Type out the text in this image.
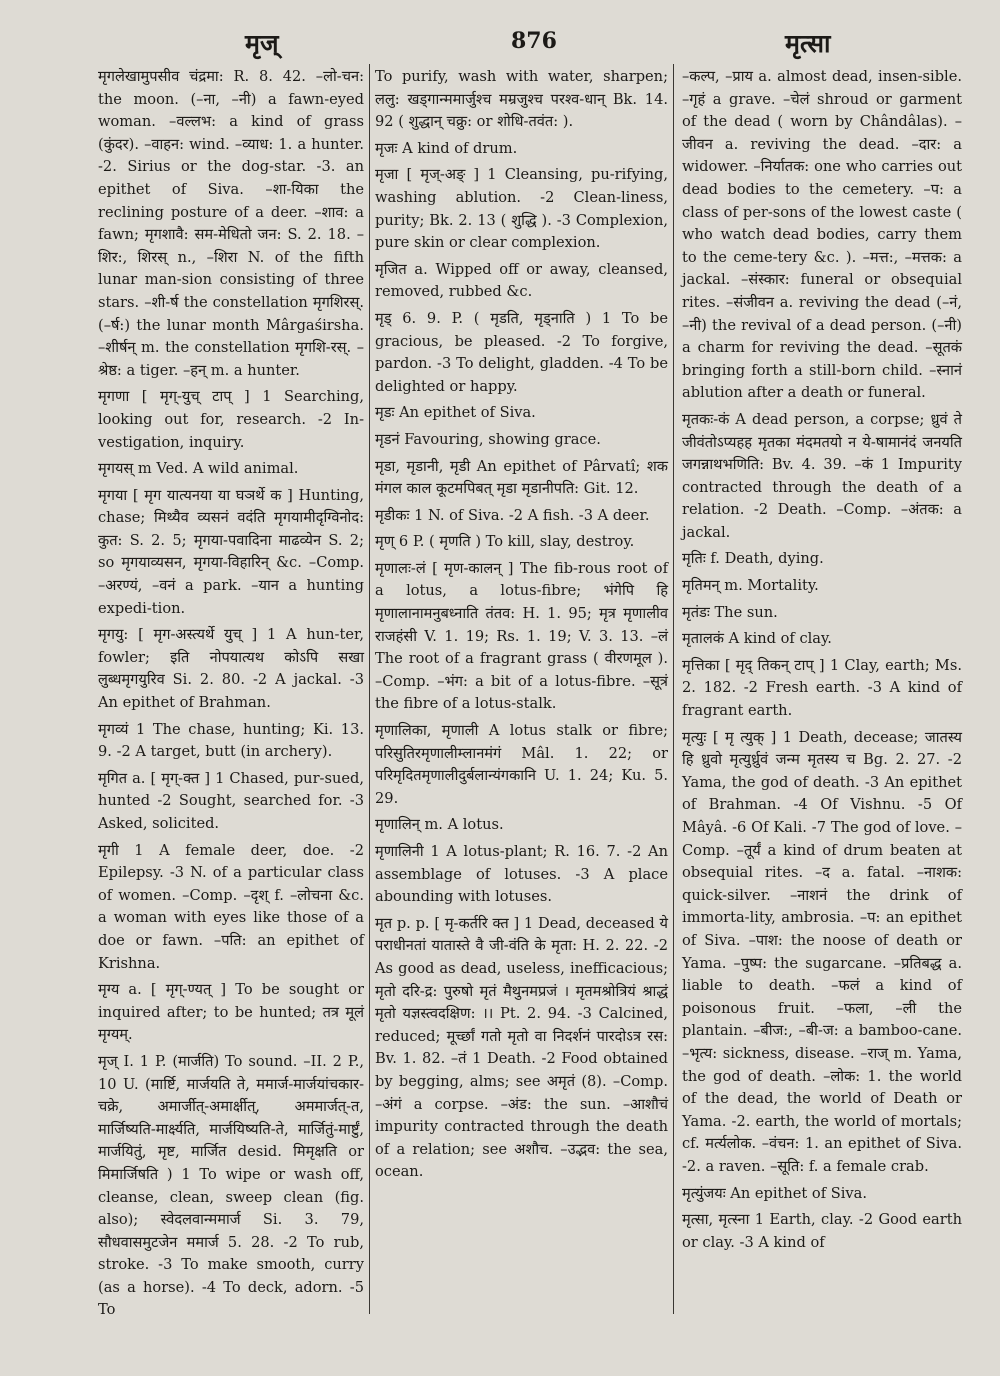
मृज्	876	मृत्सा

मृगलेखामुपसीव चंद्रमा: R. 8. 42. –लो-चन: the moon. (–ना, –नी) a fawn-eyed woman. –वल्लभ: a kind of grass (कुंदर). –वाहन: wind. –व्याध: 1. a hunter. -2. Sirius or the dog-star. -3. an epithet of Siva. –शा-यिका the reclining posture of a deer. –शाव: a fawn; मृगशावै: सम-मेधितो जन: S. 2. 18. –शिर:, शिरस् n., –शिरा N. of the fifth lunar man-sion consisting of three stars. –शी-र्ष the constellation मृगशिरस्. (–र्ष:) the lunar month Mârgaśirsha. –शीर्षन् m. the constellation मृगशि-रस्. –श्रेष्ठ: a tiger. –हन् m. a hunter.

मृगणा [ मृग्-युच् टाप् ] 1 Searching, looking out for, research. -2 In-vestigation, inquiry.

मृगयस् m Ved. A wild animal.

मृगया [ मृग यात्यनया या घञर्थे क ] Hunting, chase; मिथ्यैव व्यसनं वदंति मृगयामीदृग्विनोद: कुत: S. 2. 5; मृगया-पवादिना माढव्येन S. 2; so मृगयाव्यसन, मृगया-विहारिन् &c. –Comp. –अरण्यं, –वनं a park. –यान a hunting expedi-tion.

मृगयु: [ मृग-अस्त्यर्थे युच् ] 1 A hun-ter, fowler; इति नोपयात्यथ कोऽपि सखा लुब्धमृगयुरिव Si. 2. 80. -2 A jackal. -3 An epithet of Brahman.

मृगव्यं 1 The chase, hunting; Ki. 13. 9. -2 A target, butt (in archery).

मृगित a. [ मृग्-क्त ] 1 Chased, pur-sued, hunted -2 Sought, searched for. -3 Asked, solicited.

मृगी 1 A female deer, doe. -2 Epilepsy. -3 N. of a particular class of women. –Comp. –दृश् f. –लोचना &c. a woman with eyes like those of a doe or fawn. –पति: an epithet of Krishna.

मृग्य a. [ मृग्-ण्यत् ] To be sought or inquired after; to be hunted; तत्र मूलं मृग्यम्.

मृज् I. 1 P. (मार्जति) To sound. –II. 2 P., 10 U. (मार्ष्टि, मार्जयति ते, ममार्ज-मार्जयांचकार-चक्रे, अमार्जीत्-अमार्क्षीत्, अममार्जत्-त, मार्जिष्यति-मार्क्ष्यति, मार्जयिष्यति-ते, मार्जितुं-मार्ष्टुं, मार्जयितुं, मृष्ट, मार्जित desid. मिमृक्षति or मिमार्जिषति ) 1 To wipe or wash off, cleanse, clean, sweep clean (fig. also); स्वेदलवान्ममार्ज Si. 3. 79, सौधवासमुटजेन ममार्ज 5. 28. -2 To rub, stroke. -3 To make smooth, curry (as a horse). -4 To deck, adorn. -5 To

To purify, wash with water, sharpen; ललु: खड्गान्ममार्जुश्च मम्रजुश्च परश्व-धान् Bk. 14. 92 ( शुद्धान् चक्रु: or शोधि-तवंत: ).

मृजः A kind of drum.

मृजा [ मृज्-अङ् ] 1 Cleansing, pu-rifying, washing ablution. -2 Clean-liness, purity; Bk. 2. 13 ( शुद्धि ). -3 Complexion, pure skin or clear complexion.

मृजित a. Wipped off or away, cleansed, removed, rubbed &c.

मृड् 6. 9. P. ( मृडति, मृड्नाति ) 1 To be gracious, be pleased. -2 To forgive, pardon. -3 To delight, gladden. -4 To be delighted or happy.

मृडः An epithet of Siva.

मृडनं Favouring, showing grace.

मृडा, मृडानी, मृडी An epithet of Pârvatî; शक मंगल काल कूटमपिबत् मृडा मृडानीपति: Git. 12.

मृडीकः 1 N. of Siva. -2 A fish. -3 A deer.

मृण् 6 P. ( मृणति ) To kill, slay, destroy.

मृणालः-लं [ मृण-कालन् ] The fib-rous root of a lotus, a lotus-fibre; भंगेपि हि मृणालानामनुबध्नाति तंतव: H. 1. 95; मृत्र मृणालीव राजहंसी V. 1. 19; Rs. 1. 19; V. 3. 13. –लं The root of a fragrant grass ( वीरणमूल ). –Comp. –भंग: a bit of a lotus-fibre. –सूत्रं the fibre of a lotus-stalk.

मृणालिका, मृणाली A lotus stalk or fibre; परिसुतिरमृणालीम्लानमंगं Mâl. 1. 22; or परिमृदितमृणालीदुर्बलान्यंगकानि U. 1. 24; Ku. 5. 29.

मृणालिन् m. A lotus.

मृणालिनी 1 A lotus-plant; R. 16. 7. -2 An assemblage of lotuses. -3 A place abounding with lotuses.

मृत p. p. [ मृ-कर्तरि क्त ] 1 Dead, deceased ये पराधीनतां यातास्ते वै जी-वंति के मृता: H. 2. 22. -2 As good as dead, useless, inefficacious; मृतो दरि-द्र: पुरुषो मृतं मैथुनमप्रजं । मृतमश्रोत्रियं श्राद्धं मृतो यज्ञस्त्वदक्षिण: ।। Pt. 2. 94. -3 Calcined, reduced; मूर्च्छां गतो मृतो वा निदर्शनं पारदोऽत्र रस: Bv. 1. 82. –तं 1 Death. -2 Food obtained by begging, alms; see अमृतं (8). –Comp. –अंगं a corpse. –अंड: the sun. –आशौचं impurity contracted through the death of a relation; see अशौच. –उद्भव: the sea, ocean.

–कल्प, –प्राय a. almost dead, insen-sible. –गृहं a grave. –चेलं shroud or garment of the dead ( worn by Chândâlas). –जीवन a. reviving the dead. –दार: a widower. –निर्यातक: one who carries out dead bodies to the cemetery. –प: a class of per-sons of the lowest caste ( who watch dead bodies, carry them to the ceme-tery &c. ). –मत्त:, –मत्तक: a jackal. –संस्कार: funeral or obsequial rites. –संजीवन a. reviving the dead (–नं, –नी) the revival of a dead person. (–नी) a charm for reviving the dead. –सूतकं bringing forth a still-born child. –स्नानं ablution after a death or funeral.

मृतकः-कं A dead person, a corpse; ध्रुवं ते जीवंतोऽप्यहह मृतका मंदमतयो न ये-षामानंदं जनयति जगन्नाथभणिति: Bv. 4. 39. –कं 1 Impurity contracted through the death of a relation. -2 Death. –Comp. –अंतक: a jackal.

मृतिः f. Death, dying.

मृतिमन् m. Mortality.

मृतंडः The sun.

मृतालकं A kind of clay.

मृत्तिका [ मृद् तिकन् टाप् ] 1 Clay, earth; Ms. 2. 182. -2 Fresh earth. -3 A kind of fragrant earth.

मृत्युः [ मृ त्युक् ] 1 Death, decease; जातस्य हि ध्रुवो मृत्युर्ध्रुवं जन्म मृतस्य च Bg. 2. 27. -2 Yama, the god of death. -3 An epithet of Brahman. -4 Of Vishnu. -5 Of Mâyâ. -6 Of Kali. -7 The god of love. –Comp. –तूर्यं a kind of drum beaten at obsequial rites. –द a. fatal. –नाशक: quick-silver. –नाशनं the drink of immorta-lity, ambrosia. –प: an epithet of Siva. –पाश: the noose of death or Yama. –पुष्प: the sugarcane. –प्रतिबद्ध a. liable to death. –फलं a kind of poisonous fruit. –फला, –ली the plantain. –बीज:, –बी-ज: a bamboo-cane. –भृत्य: sickness, disease. –राज् m. Yama, the god of death. –लोक: 1. the world of the dead, the world of Death or Yama. -2. earth, the world of mortals; cf. मर्त्यलोक. –वंचन: 1. an epithet of Siva. -2. a raven. –सूति: f. a female crab.

मृत्युंजयः An epithet of Siva.

मृत्सा, मृत्स्ना 1 Earth, clay. -2 Good earth or clay. -3 A kind of
